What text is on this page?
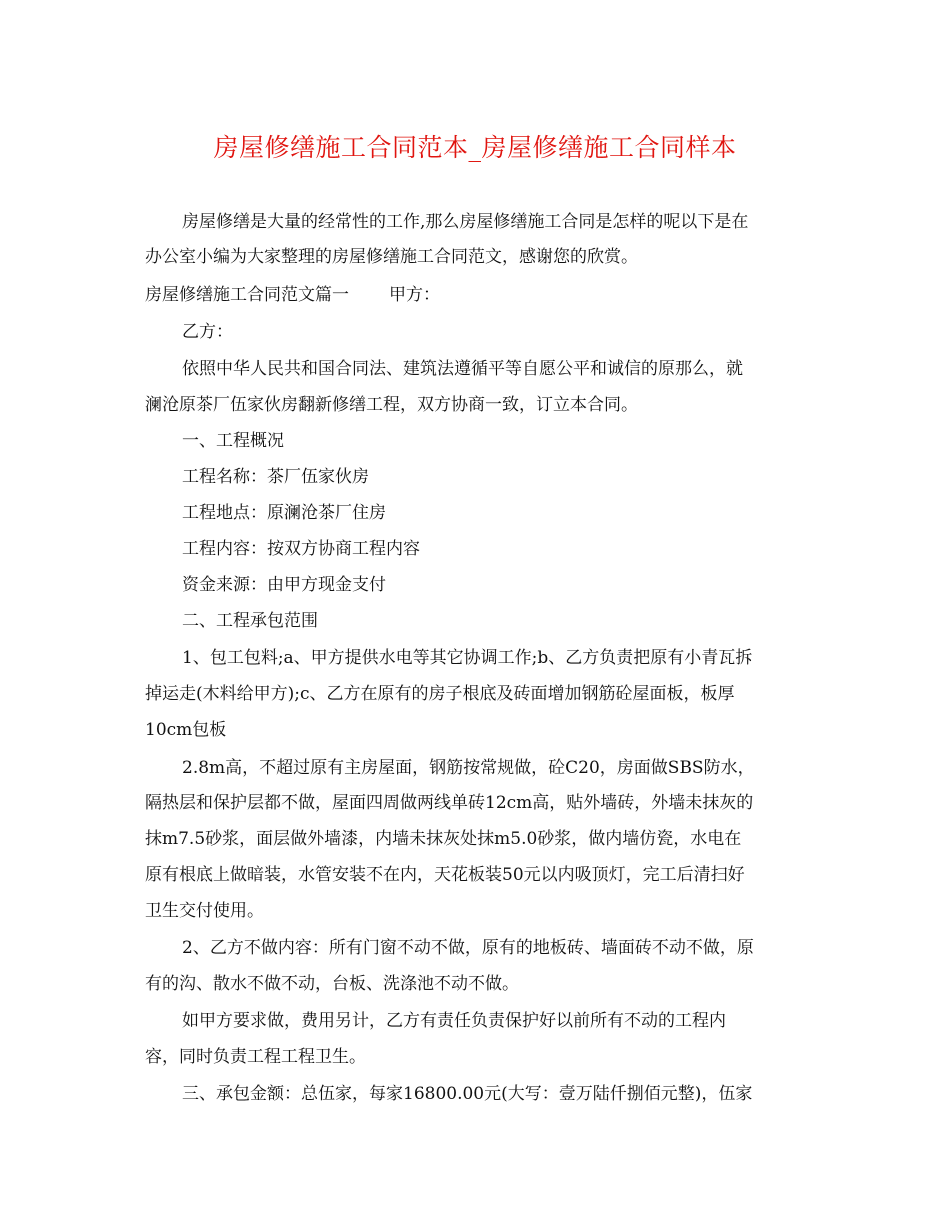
房屋修缮施工合同范本_房屋修缮施工合同样本
房屋修缮是大量的经常性的工作,那么房屋修缮施工合同是怎样的呢以下是在
办公室小编为大家整理的房屋修缮施工合同范文，感谢您的欣赏。
房屋修缮施工合同范文篇一 甲方：
乙方：
依照中华人民共和国合同法、建筑法遵循平等自愿公平和诚信的原那么，就
澜沧原茶厂伍家伙房翻新修缮工程，双方协商一致，订立本合同。
一、工程概况
工程名称：茶厂伍家伙房
工程地点：原澜沧茶厂住房
工程内容：按双方协商工程内容
资金来源：由甲方现金支付
二、工程承包范围
1、包工包料;a、甲方提供水电等其它协调工作;b、乙方负责把原有小青瓦拆
掉运走(木料给甲方);c、乙方在原有的房子根底及砖面增加钢筋砼屋面板，板厚
10cm包板
2.8m高，不超过原有主房屋面，钢筋按常规做，砼C20，房面做SBS防水，
隔热层和保护层都不做，屋面四周做两线单砖12cm高，贴外墙砖，外墙未抹灰的
抹m7.5砂浆，面层做外墙漆，内墙未抹灰处抹m5.0砂浆，做内墙仿瓷，水电在
原有根底上做暗装，水管安装不在内，天花板装50元以内吸顶灯，完工后清扫好
卫生交付使用。
2、乙方不做内容：所有门窗不动不做，原有的地板砖、墙面砖不动不做，原
有的沟、散水不做不动，台板、洗涤池不动不做。
如甲方要求做，费用另计，乙方有责任负责保护好以前所有不动的工程内
容，同时负责工程工程卫生。
三、承包金额：总伍家，每家16800.00元(大写：壹万陆仟捌佰元整)，伍家
